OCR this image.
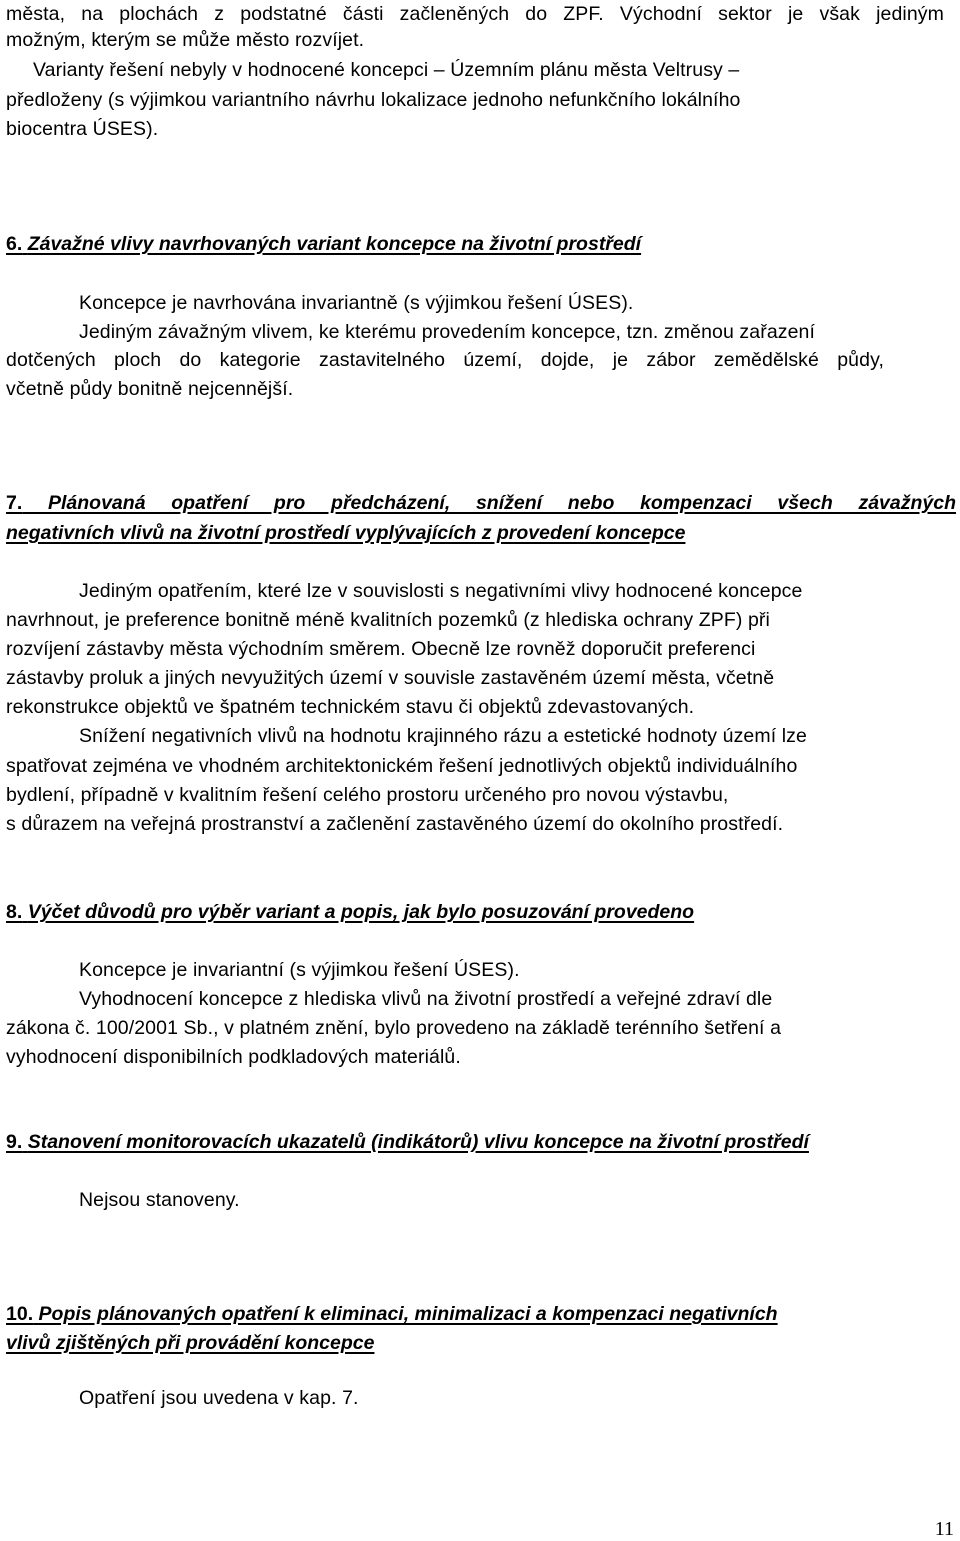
města, na plochách z podstatné části začleněných do ZPF. Východní sektor je však jediným
možným, kterým se může město rozvíjet.
Varianty řešení nebyly v hodnocené koncepci – Územním plánu města Veltrusy –
předloženy (s výjimkou variantního návrhu lokalizace jednoho nefunkčního lokálního
biocentra ÚSES).
6. Závažné vlivy navrhovaných variant koncepce na životní prostředí
Koncepce je navrhována invariantně (s výjimkou řešení ÚSES).
Jediným závažným vlivem, ke kterému provedením koncepce, tzn. změnou zařazení
dotčených ploch do kategorie zastavitelného území, dojde, je zábor zemědělské půdy,
včetně půdy bonitně nejcennější.
7. Plánovaná opatření pro předcházení, snížení nebo kompenzaci všech závažných
negativních vlivů na životní prostředí vyplývajících z provedení koncepce
Jediným opatřením, které lze v souvislosti s negativními vlivy hodnocené koncepce
navrhnout, je preference bonitně méně kvalitních pozemků (z hlediska ochrany ZPF) při
rozvíjení zástavby města východním směrem. Obecně lze rovněž doporučit preferenci
zástavby proluk a jiných nevyužitých území v souvisle zastavěném území města, včetně
rekonstrukce objektů ve špatném technickém stavu či objektů zdevastovaných.
Snížení negativních vlivů na hodnotu krajinného rázu a estetické hodnoty území lze
spatřovat zejména ve vhodném architektonickém řešení jednotlivých objektů individuálního
bydlení, případně v kvalitním řešení celého prostoru určeného pro novou výstavbu,
s důrazem na veřejná prostranství a začlenění zastavěného území do okolního prostředí.
8. Výčet důvodů pro výběr variant a popis, jak bylo posuzování provedeno
Koncepce je invariantní (s výjimkou řešení ÚSES).
Vyhodnocení koncepce z hlediska vlivů na životní prostředí a veřejné zdraví dle
zákona č. 100/2001 Sb., v platném znění, bylo provedeno na základě terénního šetření a
vyhodnocení disponibilních podkladových materiálů.
9. Stanovení monitorovacích ukazatelů (indikátorů) vlivu koncepce na životní prostředí
Nejsou stanoveny.
10. Popis plánovaných opatření k eliminaci, minimalizaci a kompenzaci negativních
vlivů zjištěných při provádění koncepce
Opatření jsou uvedena v kap. 7.
11
